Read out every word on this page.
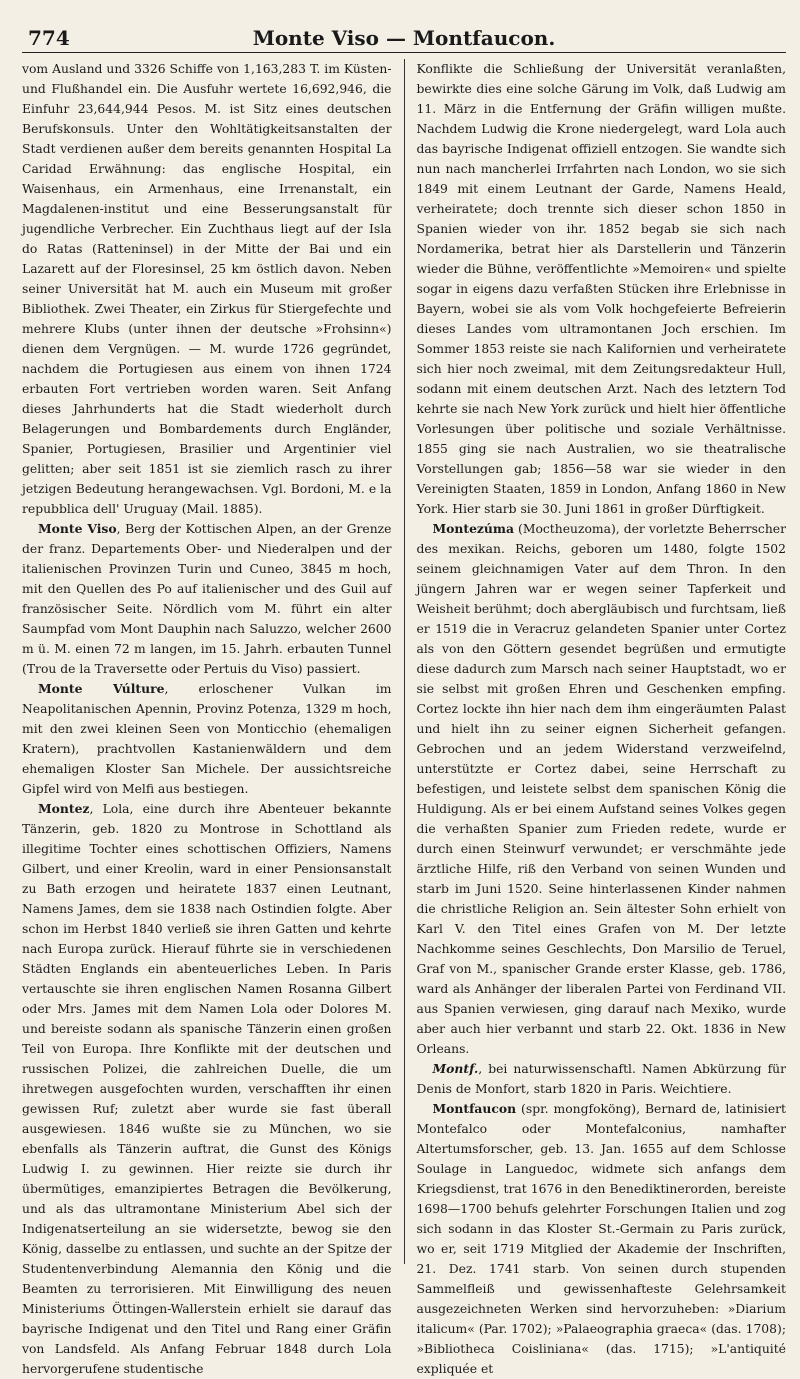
774	Monte Viso — Montfaucon.

vom Ausland und 3326 Schiffe von 1,163,283 T. im Küsten- und Flußhandel ein. Die Ausfuhr wertete 16,692,946, die Einfuhr 23,644,944 Pesos. M. ist Sitz eines deutschen Berufskonsuls. Unter den Wohltätigkeitsanstalten der Stadt verdienen außer dem bereits genannten Hospital La Caridad Erwähnung: das englische Hospital, ein Waisenhaus, ein Armenhaus, eine Irrenanstalt, ein Magdalenen-institut und eine Besserungsanstalt für jugendliche Verbrecher. Ein Zuchthaus liegt auf der Isla do Ratas (Ratteninsel) in der Mitte der Bai und ein Lazarett auf der Floresinsel, 25 km östlich davon. Neben seiner Universität hat M. auch ein Museum mit großer Bibliothek. Zwei Theater, ein Zirkus für Stiergefechte und mehrere Klubs (unter ihnen der deutsche »Frohsinn«) dienen dem Vergnügen. — M. wurde 1726 gegründet, nachdem die Portugiesen aus einem von ihnen 1724 erbauten Fort vertrieben worden waren. Seit Anfang dieses Jahrhunderts hat die Stadt wiederholt durch Belagerungen und Bombardements durch Engländer, Spanier, Portugiesen, Brasilier und Argentinier viel gelitten; aber seit 1851 ist sie ziemlich rasch zu ihrer jetzigen Bedeutung herangewachsen. Vgl. Bordoni, M. e la repubblica dell' Uruguay (Mail. 1885).

Monte Viso, Berg der Kottischen Alpen, an der Grenze der franz. Departements Ober- und Niederalpen und der italienischen Provinzen Turin und Cuneo, 3845 m hoch, mit den Quellen des Po auf italienischer und des Guil auf französischer Seite. Nördlich vom M. führt ein alter Saumpfad vom Mont Dauphin nach Saluzzo, welcher 2600 m ü. M. einen 72 m langen, im 15. Jahrh. erbauten Tunnel (Trou de la Traversette oder Pertuis du Viso) passiert.

Monte Vúlture, erloschener Vulkan im Neapolitanischen Apennin, Provinz Potenza, 1329 m hoch, mit den zwei kleinen Seen von Monticchio (ehemaligen Kratern), prachtvollen Kastanienwäldern und dem ehemaligen Kloster San Michele. Der aussichtsreiche Gipfel wird von Melfi aus bestiegen.

Montez, Lola, eine durch ihre Abenteuer bekannte Tänzerin, geb. 1820 zu Montrose in Schottland als illegitime Tochter eines schottischen Offiziers, Namens Gilbert, und einer Kreolin, ward in einer Pensionsanstalt zu Bath erzogen und heiratete 1837 einen Leutnant, Namens James, dem sie 1838 nach Ostindien folgte. Aber schon im Herbst 1840 verließ sie ihren Gatten und kehrte nach Europa zurück. Hierauf führte sie in verschiedenen Städten Englands ein abenteuerliches Leben. In Paris vertauschte sie ihren englischen Namen Rosanna Gilbert oder Mrs. James mit dem Namen Lola oder Dolores M. und bereiste sodann als spanische Tänzerin einen großen Teil von Europa. Ihre Konflikte mit der deutschen und russischen Polizei, die zahlreichen Duelle, die um ihretwegen ausgefochten wurden, verschafften ihr einen gewissen Ruf; zuletzt aber wurde sie fast überall ausgewiesen. 1846 wußte sie zu München, wo sie ebenfalls als Tänzerin auftrat, die Gunst des Königs Ludwig I. zu gewinnen. Hier reizte sie durch ihr übermütiges, emanzipiertes Betragen die Bevölkerung, und als das ultramontane Ministerium Abel sich der Indigenatserteilung an sie widersetzte, bewog sie den König, dasselbe zu entlassen, und suchte an der Spitze der Studentenverbindung Alemannia den König und die Beamten zu terrorisieren. Mit Einwilligung des neuen Ministeriums Öttingen-Wallerstein erhielt sie darauf das bayrische Indigenat und den Titel und Rang einer Gräfin von Landsfeld. Als Anfang Februar 1848 durch Lola hervorgerufene studentische

Konflikte die Schließung der Universität veranlaßten, bewirkte dies eine solche Gärung im Volk, daß Ludwig am 11. März in die Entfernung der Gräfin willigen mußte. Nachdem Ludwig die Krone niedergelegt, ward Lola auch das bayrische Indigenat offiziell entzogen. Sie wandte sich nun nach mancherlei Irrfahrten nach London, wo sie sich 1849 mit einem Leutnant der Garde, Namens Heald, verheiratete; doch trennte sich dieser schon 1850 in Spanien wieder von ihr. 1852 begab sie sich nach Nordamerika, betrat hier als Darstellerin und Tänzerin wieder die Bühne, veröffentlichte »Memoiren« und spielte sogar in eigens dazu verfaßten Stücken ihre Erlebnisse in Bayern, wobei sie als vom Volk hochgefeierte Befreierin dieses Landes vom ultramontanen Joch erschien. Im Sommer 1853 reiste sie nach Kalifornien und verheiratete sich hier noch zweimal, mit dem Zeitungsredakteur Hull, sodann mit einem deutschen Arzt. Nach des letztern Tod kehrte sie nach New York zurück und hielt hier öffentliche Vorlesungen über politische und soziale Verhältnisse. 1855 ging sie nach Australien, wo sie theatralische Vorstellungen gab; 1856—58 war sie wieder in den Vereinigten Staaten, 1859 in London, Anfang 1860 in New York. Hier starb sie 30. Juni 1861 in großer Dürftigkeit.

Montezúma (Moctheuzoma), der vorletzte Beherrscher des mexikan. Reichs, geboren um 1480, folgte 1502 seinem gleichnamigen Vater auf dem Thron. In den jüngern Jahren war er wegen seiner Tapferkeit und Weisheit berühmt; doch abergläubisch und furchtsam, ließ er 1519 die in Veracruz gelandeten Spanier unter Cortez als von den Göttern gesendet begrüßen und ermutigte diese dadurch zum Marsch nach seiner Hauptstadt, wo er sie selbst mit großen Ehren und Geschenken empfing. Cortez lockte ihn hier nach dem ihm eingeräumten Palast und hielt ihn zu seiner eignen Sicherheit gefangen. Gebrochen und an jedem Widerstand verzweifelnd, unterstützte er Cortez dabei, seine Herrschaft zu befestigen, und leistete selbst dem spanischen König die Huldigung. Als er bei einem Aufstand seines Volkes gegen die verhaßten Spanier zum Frieden redete, wurde er durch einen Steinwurf verwundet; er verschmähte jede ärztliche Hilfe, riß den Verband von seinen Wunden und starb im Juni 1520. Seine hinterlassenen Kinder nahmen die christliche Religion an. Sein ältester Sohn erhielt von Karl V. den Titel eines Grafen von M. Der letzte Nachkomme seines Geschlechts, Don Marsilio de Teruel, Graf von M., spanischer Grande erster Klasse, geb. 1786, ward als Anhänger der liberalen Partei von Ferdinand VII. aus Spanien verwiesen, ging darauf nach Mexiko, wurde aber auch hier verbannt und starb 22. Okt. 1836 in New Orleans.

Montf., bei naturwissenschaftl. Namen Abkürzung für Denis de Monfort, starb 1820 in Paris. Weichtiere.

Montfaucon (spr. mongfoköng), Bernard de, latinisiert Montefalco oder Montefalconius, namhafter Altertumsforscher, geb. 13. Jan. 1655 auf dem Schlosse Soulage in Languedoc, widmete sich anfangs dem Kriegsdienst, trat 1676 in den Benediktinerorden, bereiste 1698—1700 behufs gelehrter Forschungen Italien und zog sich sodann in das Kloster St.-Germain zu Paris zurück, wo er, seit 1719 Mitglied der Akademie der Inschriften, 21. Dez. 1741 starb. Von seinen durch stupenden Sammelfleiß und gewissenhafteste Gelehrsamkeit ausgezeichneten Werken sind hervorzuheben: »Diarium italicum« (Par. 1702); »Palaeographia graeca« (das. 1708); »Bibliotheca Coisliniana« (das. 1715); »L'antiquité expliquée et
